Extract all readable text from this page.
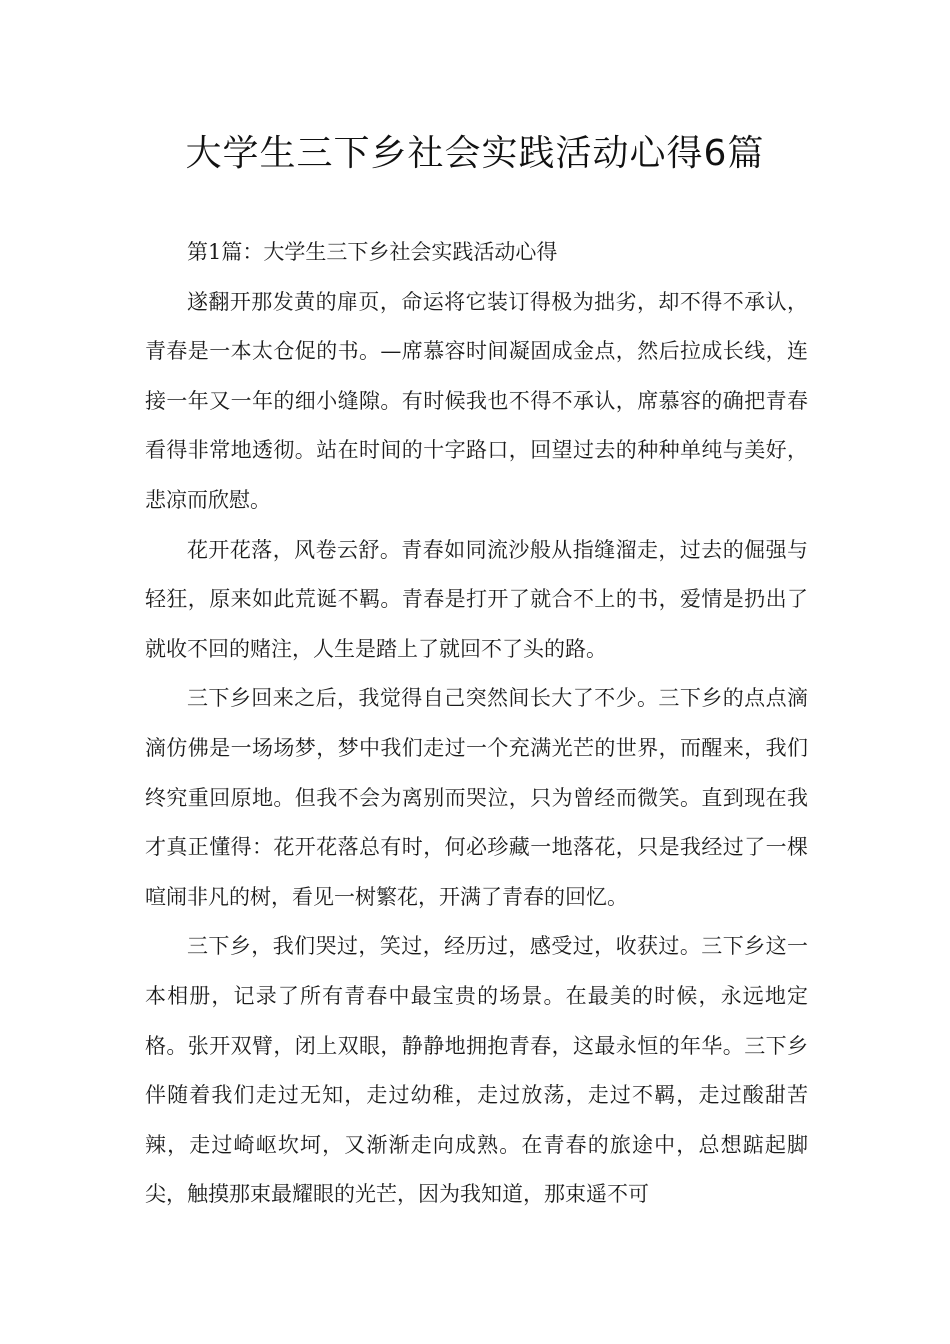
大学生三下乡社会实践活动心得6篇

第1篇：大学生三下乡社会实践活动心得

遂翻开那发黄的扉页，命运将它装订得极为拙劣，却不得不承认，青春是一本太仓促的书。—席慕容时间凝固成金点，然后拉成长线，连接一年又一年的细小缝隙。有时候我也不得不承认，席慕容的确把青春看得非常地透彻。站在时间的十字路口，回望过去的种种单纯与美好，悲凉而欣慰。

花开花落，风卷云舒。青春如同流沙般从指缝溜走，过去的倔强与轻狂，原来如此荒诞不羁。青春是打开了就合不上的书，爱情是扔出了就收不回的赌注，人生是踏上了就回不了头的路。

三下乡回来之后，我觉得自己突然间长大了不少。三下乡的点点滴滴仿佛是一场场梦，梦中我们走过一个充满光芒的世界，而醒来，我们终究重回原地。但我不会为离别而哭泣，只为曾经而微笑。直到现在我才真正懂得：花开花落总有时，何必珍藏一地落花，只是我经过了一棵喧闹非凡的树，看见一树繁花，开满了青春的回忆。

三下乡，我们哭过，笑过，经历过，感受过，收获过。三下乡这一本相册，记录了所有青春中最宝贵的场景。在最美的时候，永远地定格。张开双臂，闭上双眼，静静地拥抱青春，这最永恒的年华。三下乡伴随着我们走过无知，走过幼稚，走过放荡，走过不羁，走过酸甜苦辣，走过崎岖坎坷，又渐渐走向成熟。在青春的旅途中，总想踮起脚尖，触摸那束最耀眼的光芒，因为我知道，那束遥不可
